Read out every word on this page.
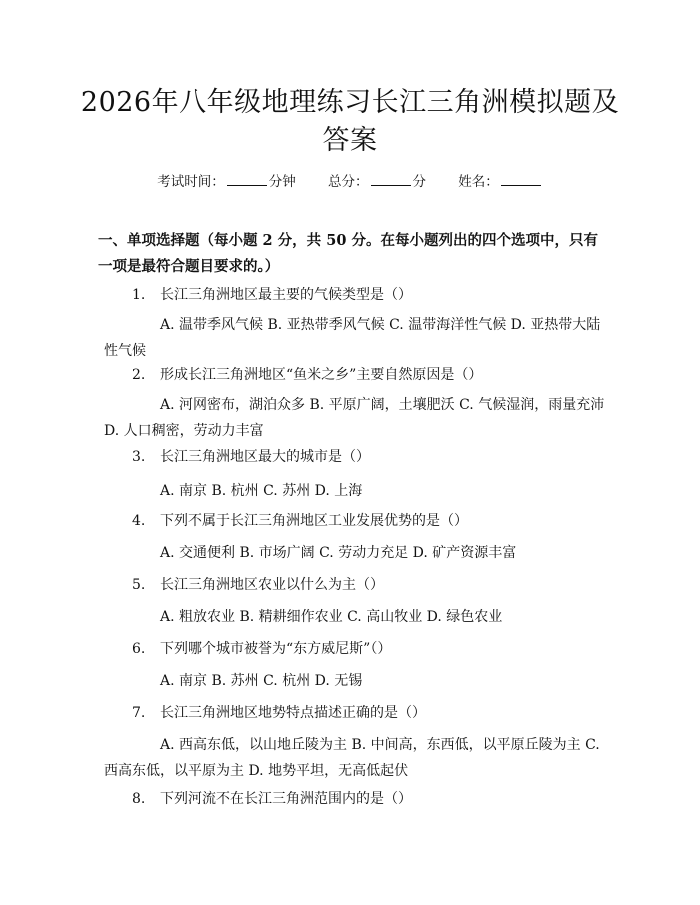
2026年八年级地理练习长江三角洲模拟题及答案
考试时间：	分钟 总分：	分 姓名：

一、单项选择题（每小题 2 分，共 50 分。在每小题列出的四个选项中，只有一项是最符合题目要求的。）

1. 长江三角洲地区最主要的气候类型是（）
A. 温带季风气候 B. 亚热带季风气候 C. 温带海洋性气候 D. 亚热带大陆性气候
2. 形成长江三角洲地区“鱼米之乡”主要自然原因是（）
A. 河网密布，湖泊众多 B. 平原广阔，土壤肥沃 C. 气候湿润，雨量充沛 D. 人口稠密，劳动力丰富
3. 长江三角洲地区最大的城市是（）
A. 南京 B. 杭州 C. 苏州 D. 上海
4. 下列不属于长江三角洲地区工业发展优势的是（）
A. 交通便利 B. 市场广阔 C. 劳动力充足 D. 矿产资源丰富
5. 长江三角洲地区农业以什么为主（）
A. 粗放农业 B. 精耕细作农业 C. 高山牧业 D. 绿色农业
6. 下列哪个城市被誉为“东方威尼斯”（）
A. 南京 B. 苏州 C. 杭州 D. 无锡
7. 长江三角洲地区地势特点描述正确的是（）
A. 西高东低，以山地丘陵为主 B. 中间高，东西低，以平原丘陵为主 C. 西高东低，以平原为主 D. 地势平坦，无高低起伏
8. 下列河流不在长江三角洲范围内的是（）
